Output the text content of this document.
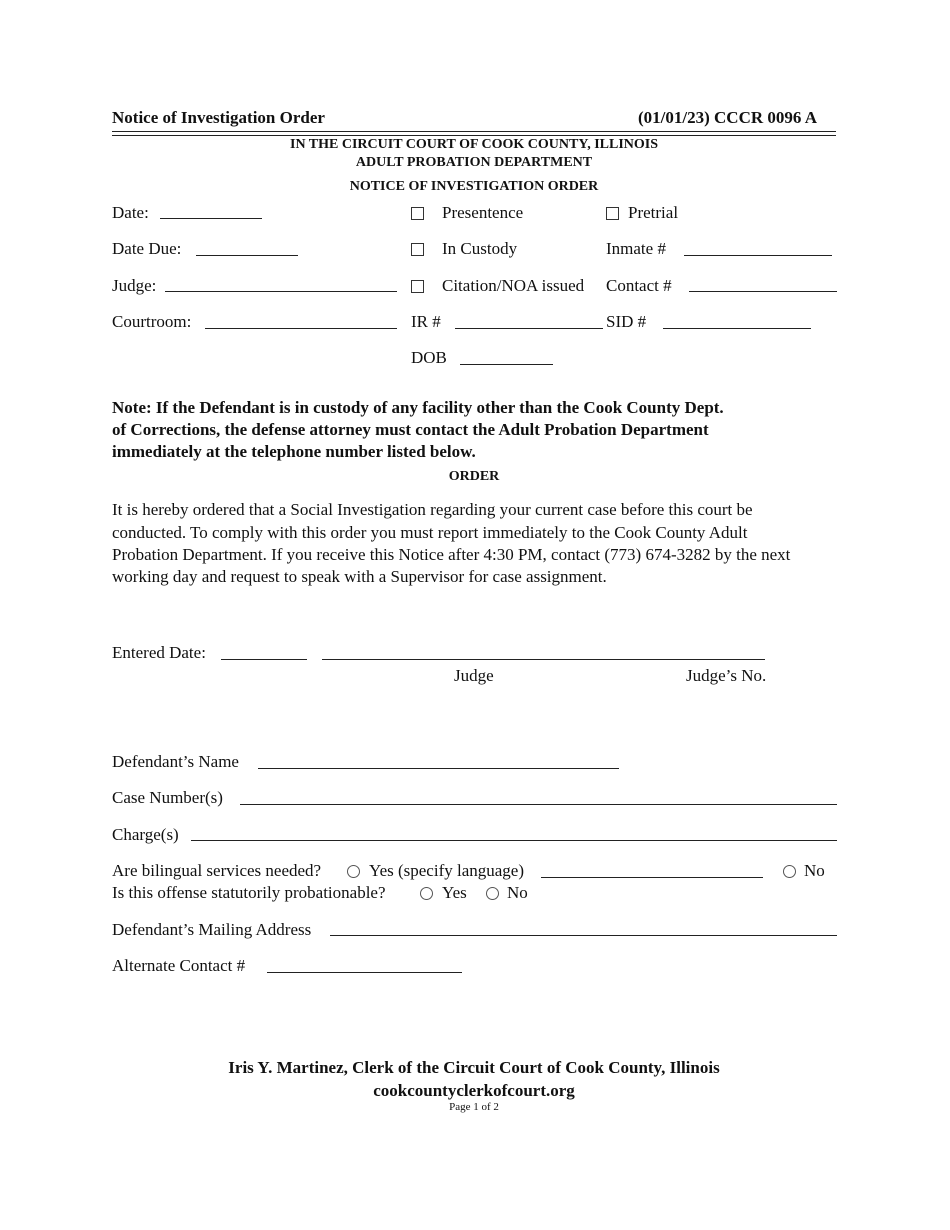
Notice of Investigation Order	(01/01/23) CCCR 0096 A
IN THE CIRCUIT COURT OF COOK COUNTY, ILLINOIS
ADULT PROBATION DEPARTMENT
NOTICE OF INVESTIGATION ORDER
Date:	Presentence	Pretrial
Date Due:	In Custody	Inmate #
Judge:	Citation/NOA issued Contact #
Courtroom:	IR #	SID #
DOB
Note: If the Defendant is in custody of any facility other than the Cook County Dept.
of Corrections, the defense attorney must contact the Adult Probation Department
immediately at the telephone number listed below.
ORDER
It is hereby ordered that a Social Investigation regarding your current case before this court be
conducted. To comply with this order you must report immediately to the Cook County Adult
Probation Department. If you receive this Notice after 4:30 PM, contact (773) 674-3282 by the next
working day and request to speak with a Supervisor for case assignment.
Entered Date:
Judge	Judge’s No.
Defendant’s Name
Case Number(s)
Charge(s)
Are bilingual services needed?	Yes (specify language)	No
Is this offense statutorily probationable?	Yes No
Defendant’s Mailing Address
Alternate Contact #
Iris Y. Martinez, Clerk of the Circuit Court of Cook County, Illinois
cookcountyclerkofcourt.org
Page 1 of 2
